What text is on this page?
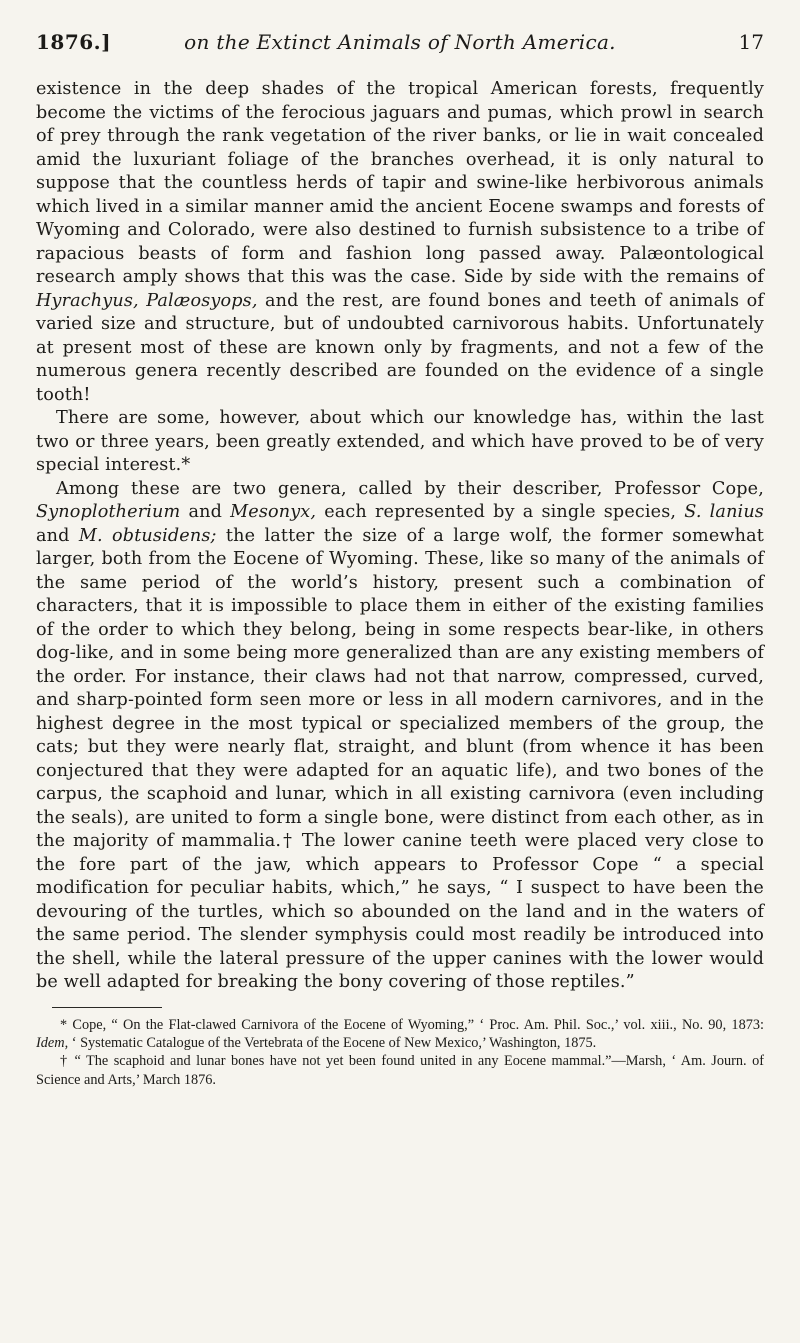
1876.]	on the Extinct Animals of North America.	17

existence in the deep shades of the tropical American forests, frequently become the victims of the ferocious jaguars and pumas, which prowl in search of prey through the rank vegetation of the river banks, or lie in wait concealed amid the luxuriant foliage of the branches overhead, it is only natural to suppose that the countless herds of tapir and swine-like herbivorous animals which lived in a similar manner amid the ancient Eocene swamps and forests of Wyoming and Colorado, were also destined to furnish subsistence to a tribe of rapacious beasts of form and fashion long passed away. Palæontological research amply shows that this was the case. Side by side with the remains of Hyrachyus, Palæosyops, and the rest, are found bones and teeth of animals of varied size and structure, but of undoubted carnivorous habits. Unfortunately at present most of these are known only by fragments, and not a few of the numerous genera recently described are founded on the evidence of a single tooth!

There are some, however, about which our knowledge has, within the last two or three years, been greatly extended, and which have proved to be of very special interest.*

Among these are two genera, called by their describer, Professor Cope, Synoplotherium and Mesonyx, each represented by a single species, S. lanius and M. obtusidens; the latter the size of a large wolf, the former somewhat larger, both from the Eocene of Wyoming. These, like so many of the animals of the same period of the world’s history, present such a combination of characters, that it is impossible to place them in either of the existing families of the order to which they belong, being in some respects bear-like, in others dog-like, and in some being more generalized than are any existing members of the order. For instance, their claws had not that narrow, compressed, curved, and sharp-pointed form seen more or less in all modern carnivores, and in the highest degree in the most typical or specialized members of the group, the cats; but they were nearly flat, straight, and blunt (from whence it has been conjectured that they were adapted for an aquatic life), and two bones of the carpus, the scaphoid and lunar, which in all existing carnivora (even including the seals), are united to form a single bone, were distinct from each other, as in the majority of mammalia.† The lower canine teeth were placed very close to the fore part of the jaw, which appears to Professor Cope “ a special modification for peculiar habits, which,” he says, “ I suspect to have been the devouring of the turtles, which so abounded on the land and in the waters of the same period. The slender symphysis could most readily be introduced into the shell, while the lateral pressure of the upper canines with the lower would be well adapted for breaking the bony covering of those reptiles.”

* Cope, “ On the Flat-clawed Carnivora of the Eocene of Wyoming,” ‘ Proc. Am. Phil. Soc.,’ vol. xiii., No. 90, 1873: Idem, ‘ Systematic Catalogue of the Vertebrata of the Eocene of New Mexico,’ Washington, 1875.

† “ The scaphoid and lunar bones have not yet been found united in any Eocene mammal.”—Marsh, ‘ Am. Journ. of Science and Arts,’ March 1876.
